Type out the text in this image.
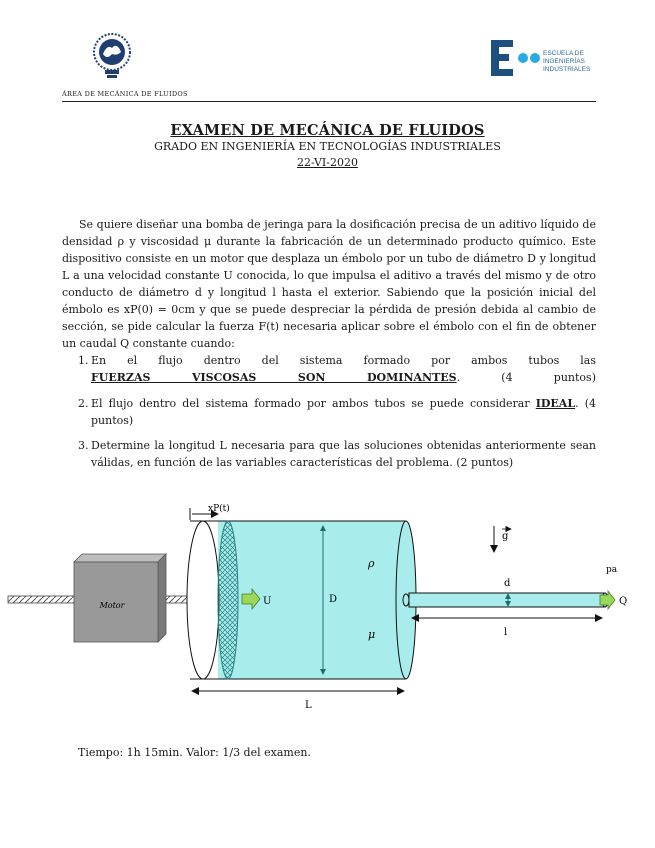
ÁREA DE MECÁNICA DE FLUIDOS
ESCUELA DE
INGENIERÍAS
INDUSTRIALES
EXAMEN DE MECÁNICA DE FLUIDOS
GRADO EN INGENIERÍA EN TECNOLOGÍAS INDUSTRIALES
22-VI-2020

Se quiere diseñar una bomba de jeringa para la dosificación precisa de un aditivo líquido de densidad ρ y viscosidad μ durante la fabricación de un determinado producto químico. Este dispositivo consiste en un motor que desplaza un émbolo por un tubo de diámetro D y longitud L a una velocidad constante U conocida, lo que impulsa el aditivo a través del mismo y de otro conducto de diámetro d y longitud l hasta el exterior. Sabiendo que la posición inicial del émbolo es xP(0) = 0cm y que se puede despreciar la pérdida de presión debida al cambio de sección, se pide calcular la fuerza F(t) necesaria aplicar sobre el émbolo con el fin de obtener un caudal Q constante cuando:

1. En el flujo dentro del sistema formado por ambos tubos las
FUERZAS VISCOSAS SON DOMINANTES. (4 puntos)
2. El flujo dentro del sistema formado por ambos tubos se puede considerar IDEAL. (4 puntos)
3. Determine la longitud L necesaria para que las soluciones obtenidas anteriormente sean válidas, en función de las variables características del problema. (2 puntos)
Motor	U
xP(t)
D
ρ
μ
L
d
l
Q
pa
g
Tiempo: 1h 15min. Valor: 1/3 del examen.
